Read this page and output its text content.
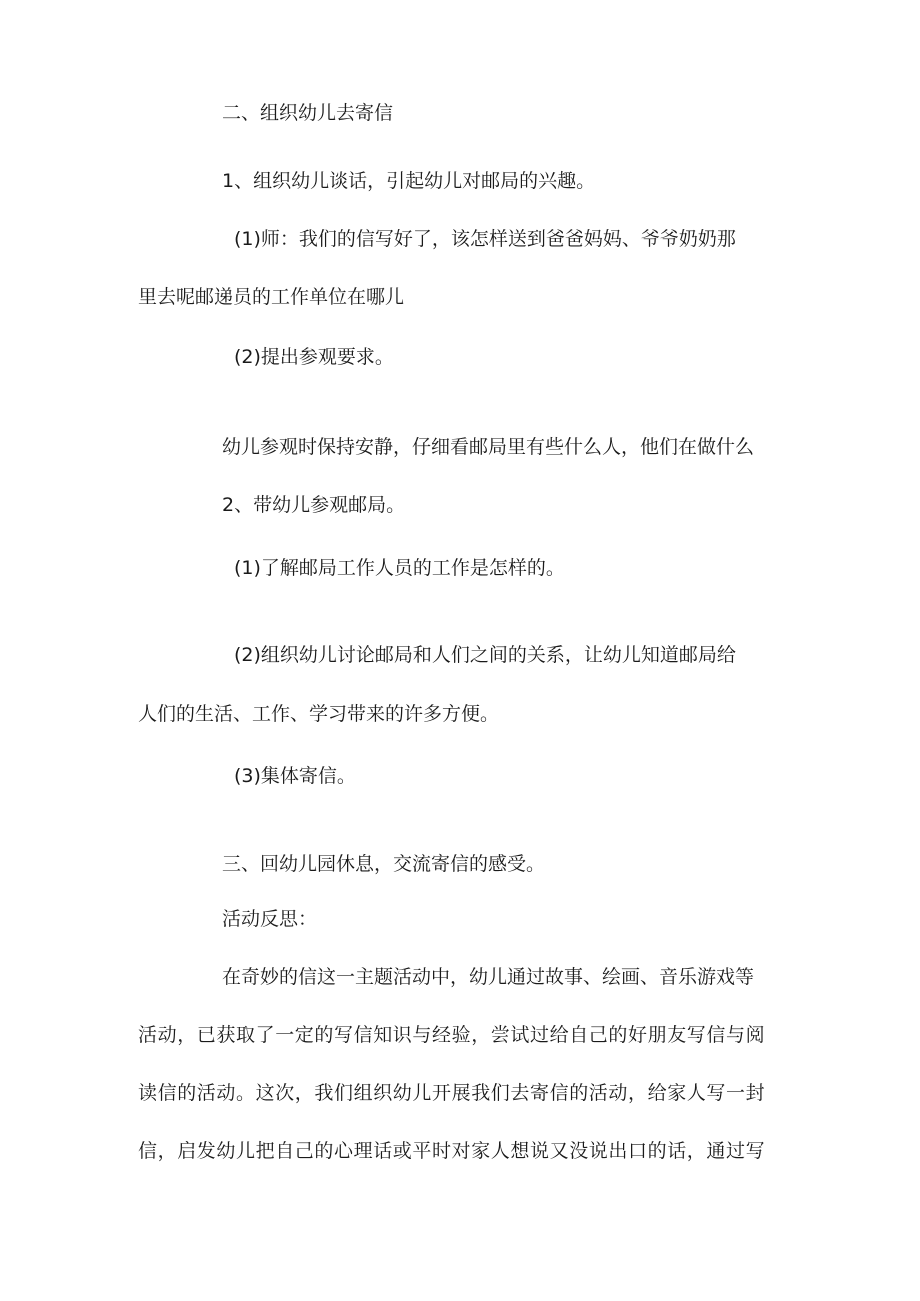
二、组织幼儿去寄信

1、组织幼儿谈话，引起幼儿对邮局的兴趣。

(1)师：我们的信写好了，该怎样送到爸爸妈妈、爷爷奶奶那

里去呢邮递员的工作单位在哪儿

(2)提出参观要求。

幼儿参观时保持安静，仔细看邮局里有些什么人，他们在做什么

2、带幼儿参观邮局。

(1)了解邮局工作人员的工作是怎样的。

(2)组织幼儿讨论邮局和人们之间的关系，让幼儿知道邮局给

人们的生活、工作、学习带来的许多方便。

(3)集体寄信。

三、回幼儿园休息，交流寄信的感受。

活动反思：

在奇妙的信这一主题活动中，幼儿通过故事、绘画、音乐游戏等

活动，已获取了一定的写信知识与经验，尝试过给自己的好朋友写信与阅

读信的活动。这次，我们组织幼儿开展我们去寄信的活动，给家人写一封

信，启发幼儿把自己的心理话或平时对家人想说又没说出口的话，通过写
